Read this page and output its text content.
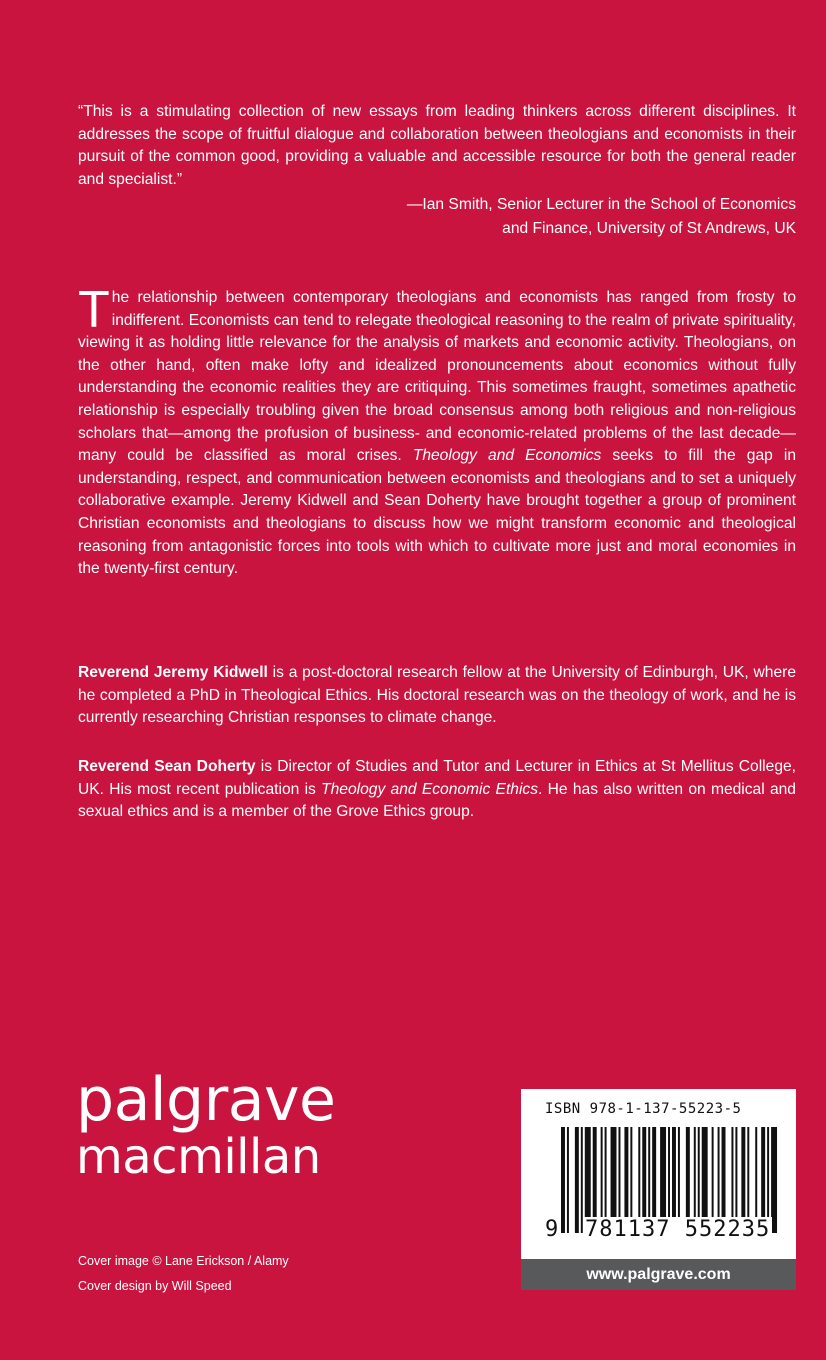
“This is a stimulating collection of new essays from leading thinkers across different disciplines. It addresses the scope of fruitful dialogue and collaboration between theologians and economists in their pursuit of the common good, providing a valuable and accessible resource for both the general reader and specialist.”

—Ian Smith, Senior Lecturer in the School of Economics
and Finance, University of St Andrews, UK

The relationship between contemporary theologians and economists has ranged from frosty to indifferent. Economists can tend to relegate theological reasoning to the realm of private spirituality, viewing it as holding little relevance for the analysis of markets and economic activity. Theologians, on the other hand, often make lofty and idealized pronouncements about economics without fully understanding the economic realities they are critiquing. This sometimes fraught, sometimes apathetic relationship is especially troubling given the broad consensus among both religious and non-religious scholars that—among the profusion of business- and economic-related problems of the last decade—many could be classified as moral crises. Theology and Economics seeks to fill the gap in understanding, respect, and communication between economists and theologians and to set a uniquely collaborative example. Jeremy Kidwell and Sean Doherty have brought together a group of prominent Christian economists and theologians to discuss how we might transform economic and theological reasoning from antagonistic forces into tools with which to cultivate more just and moral economies in the twenty-first century.

Reverend Jeremy Kidwell is a post-doctoral research fellow at the University of Edinburgh, UK, where he completed a PhD in Theological Ethics. His doctoral research was on the theology of work, and he is currently researching Christian responses to climate change.

Reverend Sean Doherty is Director of Studies and Tutor and Lecturer in Ethics at St Mellitus College, UK. His most recent publication is Theology and Economic Ethics. He has also written on medical and sexual ethics and is a member of the Grove Ethics group.

palgrave
macmillan
Cover image © Lane Erickson / Alamy
Cover design by Will Speed
ISBN 978-1-137-55223-5
9 781137 552235
www.palgrave.com
